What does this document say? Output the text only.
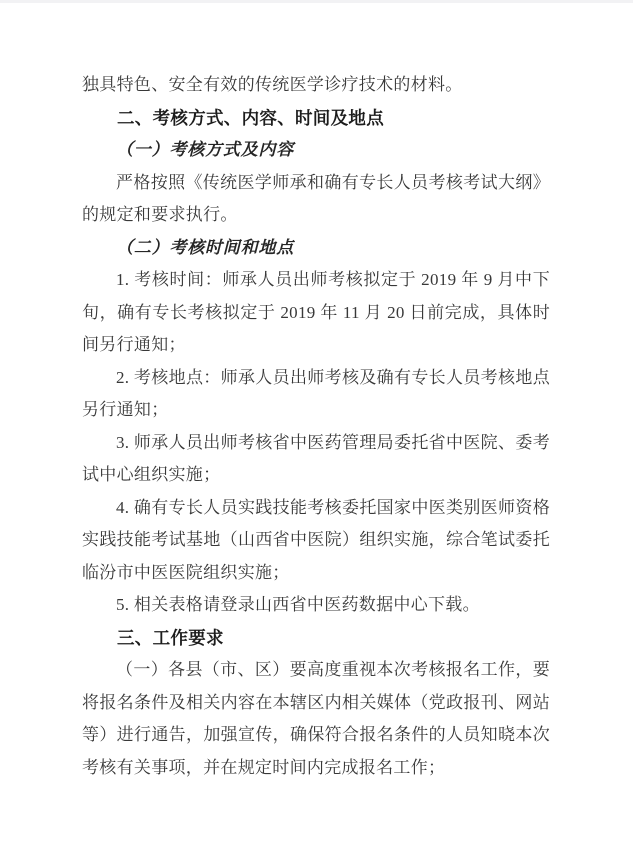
独具特色、安全有效的传统医学诊疗技术的材料。

二、考核方式、内容、时间及地点

（一）考核方式及内容

严格按照《传统医学师承和确有专长人员考核考试大纲》的规定和要求执行。

（二）考核时间和地点

1. 考核时间：师承人员出师考核拟定于 2019 年 9 月中下旬，确有专长考核拟定于 2019 年 11 月 20 日前完成，具体时间另行通知；

2. 考核地点：师承人员出师考核及确有专长人员考核地点另行通知；

3. 师承人员出师考核省中医药管理局委托省中医院、委考试中心组织实施；

4. 确有专长人员实践技能考核委托国家中医类别医师资格实践技能考试基地（山西省中医院）组织实施，综合笔试委托临汾市中医医院组织实施；

5. 相关表格请登录山西省中医药数据中心下载。

三、工作要求

（一）各县（市、区）要高度重视本次考核报名工作，要将报名条件及相关内容在本辖区内相关媒体（党政报刊、网站等）进行通告，加强宣传，确保符合报名条件的人员知晓本次考核有关事项，并在规定时间内完成报名工作；
